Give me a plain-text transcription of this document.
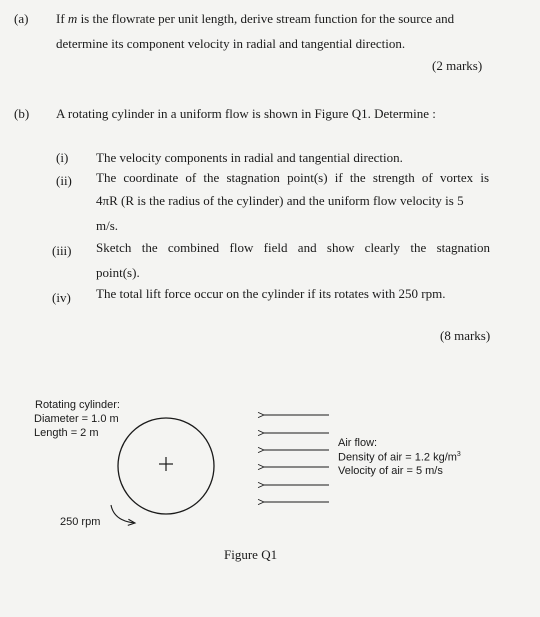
(a) If m is the flowrate per unit length, derive stream function for the source and
determine its component velocity in radial and tangential direction.
(2 marks)
(b) A rotating cylinder in a uniform flow is shown in Figure Q1. Determine :
(i) The velocity components in radial and tangential direction.
(ii) The coordinate of the stagnation point(s) if the strength of vortex is
4πR (R is the radius of the cylinder) and the uniform flow velocity is 5
m/s.
(iii) Sketch the combined flow field and show clearly the stagnation
point(s).
(iv) The total lift force occur on the cylinder if its rotates with 250 rpm.
(8 marks)
Rotating cylinder:
Diameter = 1.0 m
Length = 2 m
Air flow:
Density of air = 1.2 $kg/m^3$
Velocity of air = 5 m/s
250 rpm
Figure Q1
